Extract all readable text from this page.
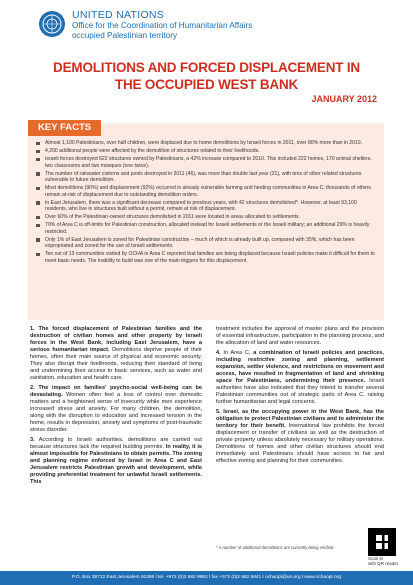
UNITED NATIONS
Office for the Coordination of Humanitarian Affairs
occupied Palestinian territory
DEMOLITIONS AND FORCED DISPLACEMENT IN
THE OCCUPIED WEST BANK
JANUARY 2012
KEY FACTS
Almost 1,100 Palestinians, over half children, were displaced due to home demolitions by Israeli forces in 2011, over 80% more than in 2010.
4,200 additional people were affected by the demolition of structures related to their livelihoods.
Israeli forces destroyed 622 structures owned by Palestinians, a 42% increase compared to 2010. This included 222 homes, 170 animal shelters, two classrooms and two mosques (one twice).
The number of rainwater cisterns and pools destroyed in 2011 (46), was more than double last year (21), with tens of other related structures vulnerable to future demolition.
Most demolitions (90%) and displacement (92%) occurred in already vulnerable farming and herding communities in Area C; thousands of others remain at-risk of displacement due to outstanding demolition orders.
In East Jerusalem, there was a significant decrease compared to previous years, with 42 structures demolished*. However, at least 93,100 residents, who live in structures built without a permit, remain at risk of displacement.
Over 60% of the Palestinian-owned structures demolished in 2011 were located in areas allocated to settlements.
70% of Area C is off-limits for Palestinian construction, allocated instead for Israeli settlements or the Israeli military; an additional 29% is heavily restricted.
Only 1% of East Jerusalem is zoned for Palestinian construction – much of which is already built up, compared with 35%, which has been expropriated and zoned for the use of Israeli settlements.
Ten out of 13 communities visited by OCHA in Area C reported that families are being displaced because Israeli policies make it difficult for them to meet basic needs. The inability to build was one of the main triggers for this displacement.

1. The forced displacement of Palestinian families and the destruction of civilian homes and other property by Israeli forces in the West Bank, including East Jerusalem, have a serious humanitarian impact. Demolitions deprive people of their homes, often their main source of physical and economic security. They also disrupt their livelihoods, reducing their standard of living and undermining their access to basic services, such as water and sanitation, education and health care.

2. The impact on families' psycho-social well-being can be devastating. Women often feel a loss of control over domestic matters and a heightened sense of insecurity while men experience increased stress and anxiety. For many children, the demolition, along with the disruption to education and increased tension in the home, results in depression, anxiety and symptoms of post-traumatic stress disorder.

3. According to Israeli authorities, demolitions are carried out because structures lack the required building permits. In reality, it is almost impossible for Palestinians to obtain permits. The zoning and planning regime enforced by Israel in Area C and East Jerusalem restricts Palestinian growth and development, while providing preferential treatment for unlawful Israeli settlements. This

treatment includes the approval of master plans and the provision of essential infrastructure, participation in the planning process, and the allocation of land and water resources.

4. In Area C, a combination of Israeli policies and practices, including restrictive zoning and planning, settlement expansion, settler violence, and restrictions on movement and access, have resulted in fragmentation of land and shrinking space for Palestinians, undermining their presence. Israeli authorities have also indicated that they intend to transfer several Palestinian communities out of strategic parts of Area C, raising further humanitarian and legal concerns.

5. Israel, as the occupying power in the West Bank, has the obligation to protect Palestinian civilians and to administer the territory for their benefit. International law prohibits the forced displacement or transfer of civilians as well as the destruction of private property unless absolutely necessary for military operations. Demolitions of homes and other civilian structures should end immediately and Palestinians should have access to fair and effective zoning and planning for their communities.

* A number of additional demolitions are currently being verified.
Scan it!
with QR reader
P.O. Box 38712 East Jerusalem 91386 l tel. +972 (0)2 582 9962 l fax +972 (0)2 582 5841 l ochaopt@un.org l www.ochaopt.org
